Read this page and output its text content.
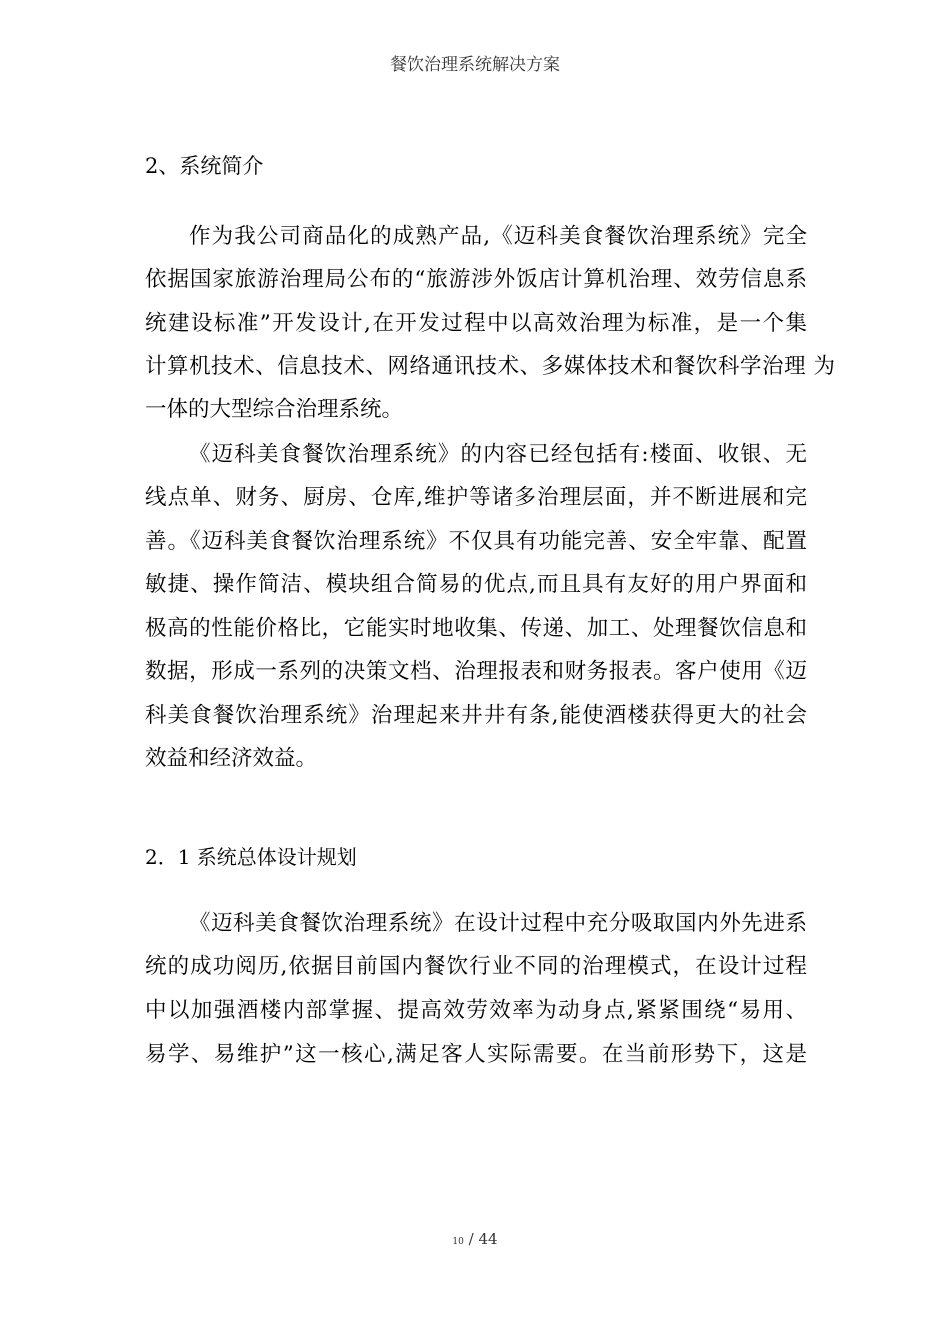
餐饮治理系统解决方案
2、系统简介
作为我公司商品化的成熟产品,《迈科美食餐饮治理系统》完全
依据国家旅游治理局公布的“旅游涉外饭店计算机治理、效劳信息系
统建设标准”开发设计,在开发过程中以高效治理为标准，是一个集
计算机技术、信息技术、网络通讯技术、多媒体技术和餐饮科学治理 为
一体的大型综合治理系统。
《迈科美食餐饮治理系统》的内容已经包括有:楼面、收银、无
线点单、财务、厨房、仓库,维护等诸多治理层面，并不断进展和完
善。《迈科美食餐饮治理系统》不仅具有功能完善、安全牢靠、配置
敏捷、操作简洁、模块组合简易的优点,而且具有友好的用户界面和
极高的性能价格比，它能实时地收集、传递、加工、处理餐饮信息和
数据，形成一系列的决策文档、治理报表和财务报表。客户使用《迈
科美食餐饮治理系统》治理起来井井有条,能使酒楼获得更大的社会
效益和经济效益。
2．1 系统总体设计规划
《迈科美食餐饮治理系统》在设计过程中充分吸取国内外先进系
统的成功阅历,依据目前国内餐饮行业不同的治理模式，在设计过程
中以加强酒楼内部掌握、提高效劳效率为动身点,紧紧围绕“易用、
易学、易维护”这一核心,满足客人实际需要。在当前形势下，这是
10 / 44
